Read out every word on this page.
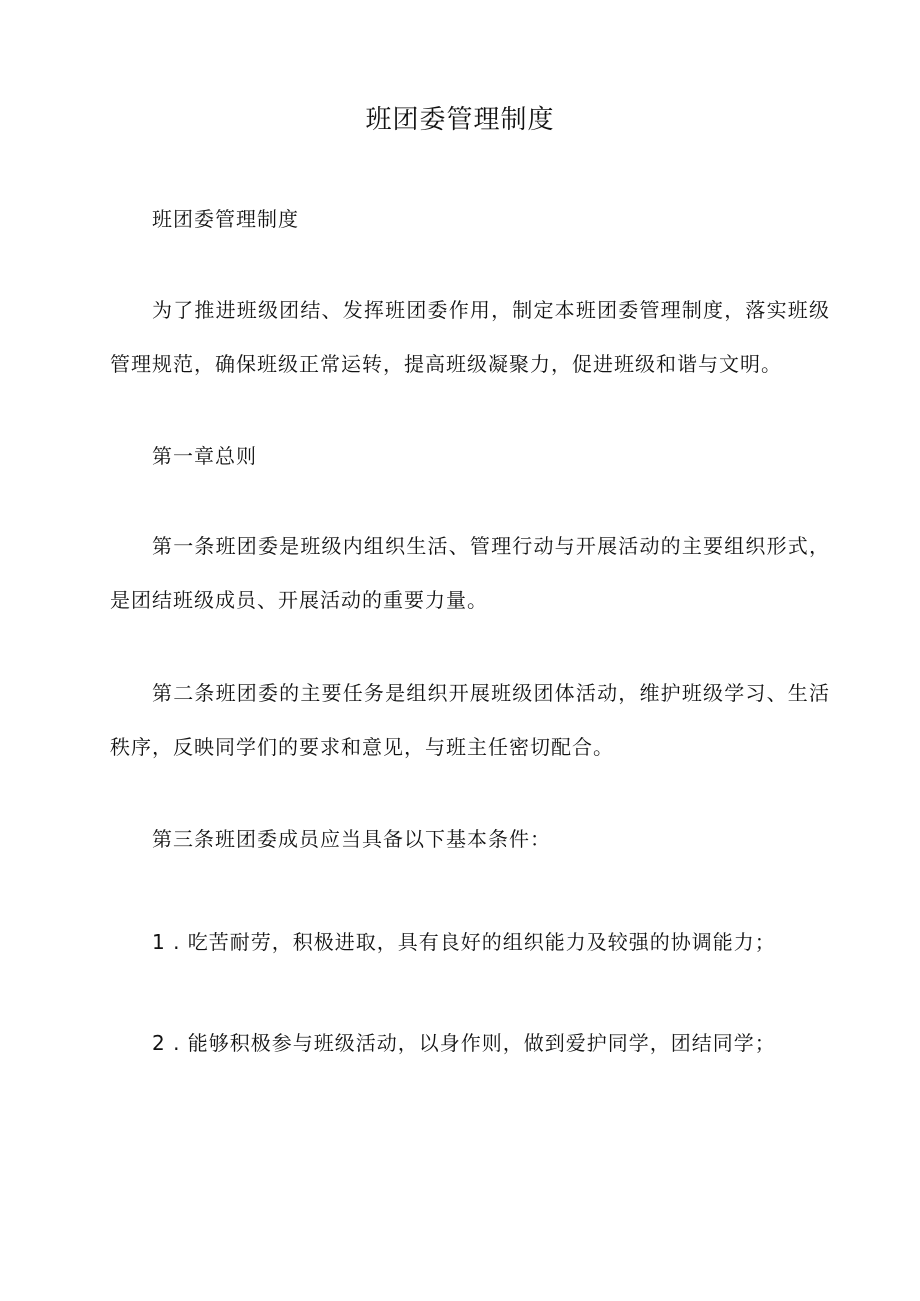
班团委管理制度

班团委管理制度

为了推进班级团结、发挥班团委作用，制定本班团委管理制度，落实班级管理规范，确保班级正常运转，提高班级凝聚力，促进班级和谐与文明。

第一章总则

第一条班团委是班级内组织生活、管理行动与开展活动的主要组织形式，是团结班级成员、开展活动的重要力量。

第二条班团委的主要任务是组织开展班级团体活动，维护班级学习、生活秩序，反映同学们的要求和意见，与班主任密切配合。

第三条班团委成员应当具备以下基本条件：

1 . 吃苦耐劳，积极进取，具有良好的组织能力及较强的协调能力；

2 . 能够积极参与班级活动，以身作则，做到爱护同学，团结同学；
